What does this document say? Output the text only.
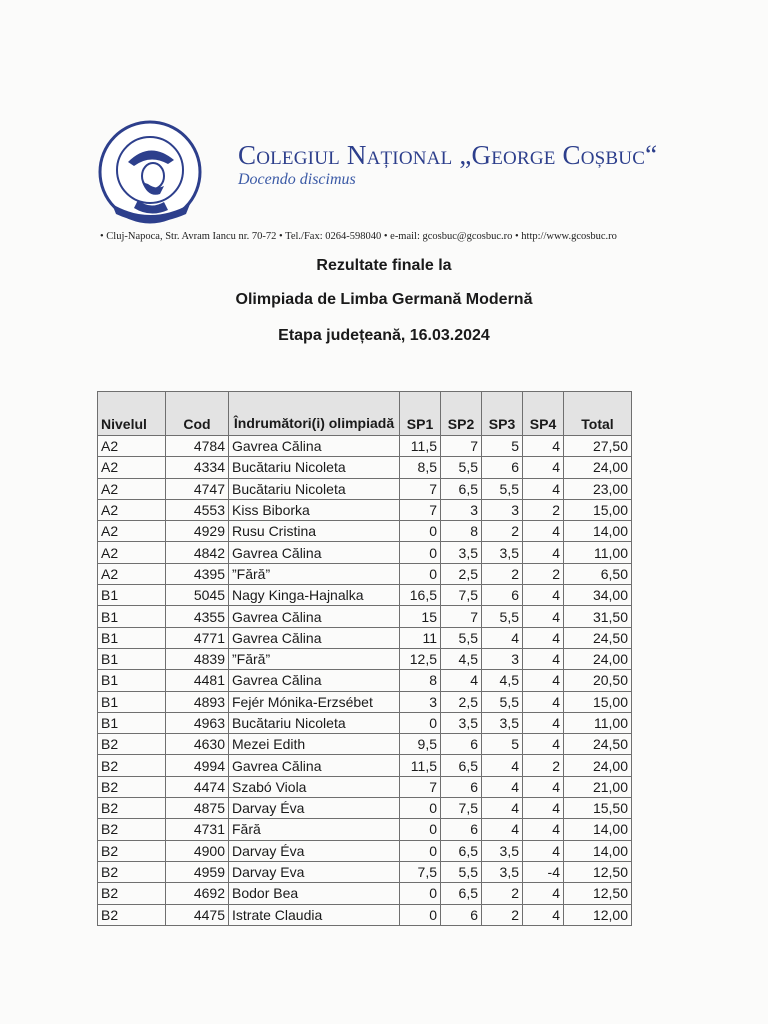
Colegiul Național „George Coșbuc“
Docendo discimus
• Cluj-Napoca, Str. Avram Iancu nr. 70-72 • Tel./Fax: 0264-598040 • e-mail: gcosbuc@gcosbuc.ro • http://www.gcosbuc.ro
Rezultate finale la
Olimpiada de Limba Germană Modernă
Etapa județeană, 16.03.2024
Nivelul	Cod	Îndrumători(i) olimpiadă	SP1	SP2	SP3	SP4	Total
A2	4784	Gavrea Călina	11,5	7	5	4	27,50
A2	4334	Bucătariu Nicoleta	8,5	5,5	6	4	24,00
A2	4747	Bucătariu Nicoleta	7	6,5	5,5	4	23,00
A2	4553	Kiss Biborka	7	3	3	2	15,00
A2	4929	Rusu Cristina	0	8	2	4	14,00
A2	4842	Gavrea Călina	0	3,5	3,5	4	11,00
A2	4395	”Fără”	0	2,5	2	2	6,50
B1	5045	Nagy Kinga-Hajnalka	16,5	7,5	6	4	34,00
B1	4355	Gavrea Călina	15	7	5,5	4	31,50
B1	4771	Gavrea Călina	11	5,5	4	4	24,50
B1	4839	”Fără”	12,5	4,5	3	4	24,00
B1	4481	Gavrea Călina	8	4	4,5	4	20,50
B1	4893	Fejér Mónika-Erzsébet	3	2,5	5,5	4	15,00
B1	4963	Bucătariu Nicoleta	0	3,5	3,5	4	11,00
B2	4630	Mezei Edith	9,5	6	5	4	24,50
B2	4994	Gavrea Călina	11,5	6,5	4	2	24,00
B2	4474	Szabó Viola	7	6	4	4	21,00
B2	4875	Darvay Éva	0	7,5	4	4	15,50
B2	4731	Fără	0	6	4	4	14,00
B2	4900	Darvay Éva	0	6,5	3,5	4	14,00
B2	4959	Darvay Eva	7,5	5,5	3,5	-4	12,50
B2	4692	Bodor Bea	0	6,5	2	4	12,50
B2	4475	Istrate Claudia	0	6	2	4	12,00
